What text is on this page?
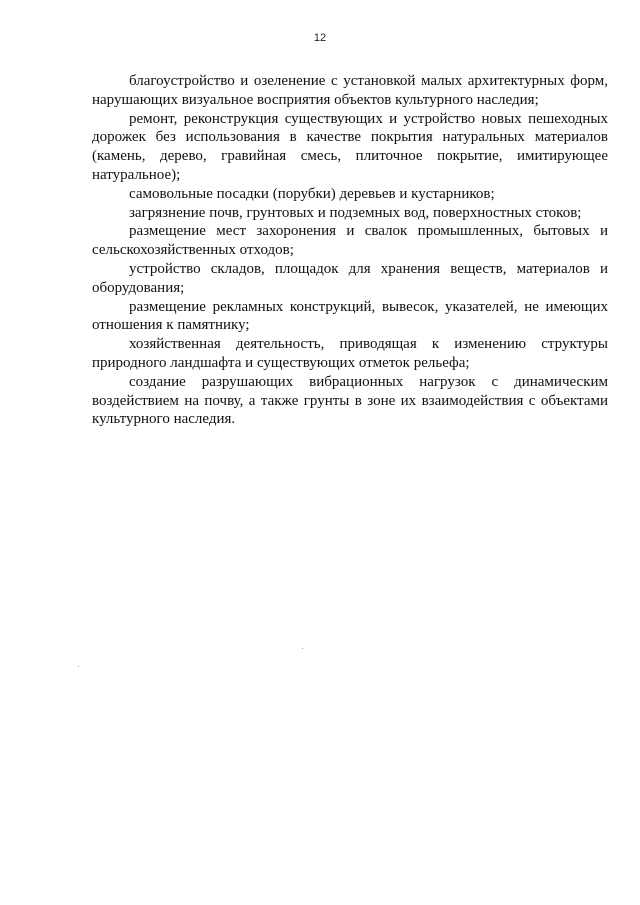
12

благоустройство и озеленение с установкой малых архитектурных форм, нарушающих визуальное восприятия объектов культурного наследия;

ремонт, реконструкция существующих и устройство новых пешеходных дорожек без использования в качестве покрытия натуральных материалов (камень, дерево, гравийная смесь, плиточное покрытие, имитирующее натуральное);

самовольные посадки (порубки) деревьев и кустарников;

загрязнение почв, грунтовых и подземных вод, поверхностных стоков;

размещение мест захоронения и свалок промышленных, бытовых и сельскохозяйственных отходов;

устройство складов, площадок для хранения веществ, материалов и оборудования;

размещение рекламных конструкций, вывесок, указателей, не имеющих отношения к памятнику;

хозяйственная деятельность, приводящая к изменению структуры природного ландшафта и существующих отметок рельефа;

создание разрушающих вибрационных нагрузок с динамическим воздействием на почву, а также грунты в зоне их взаимодействия с объектами культурного наследия.
